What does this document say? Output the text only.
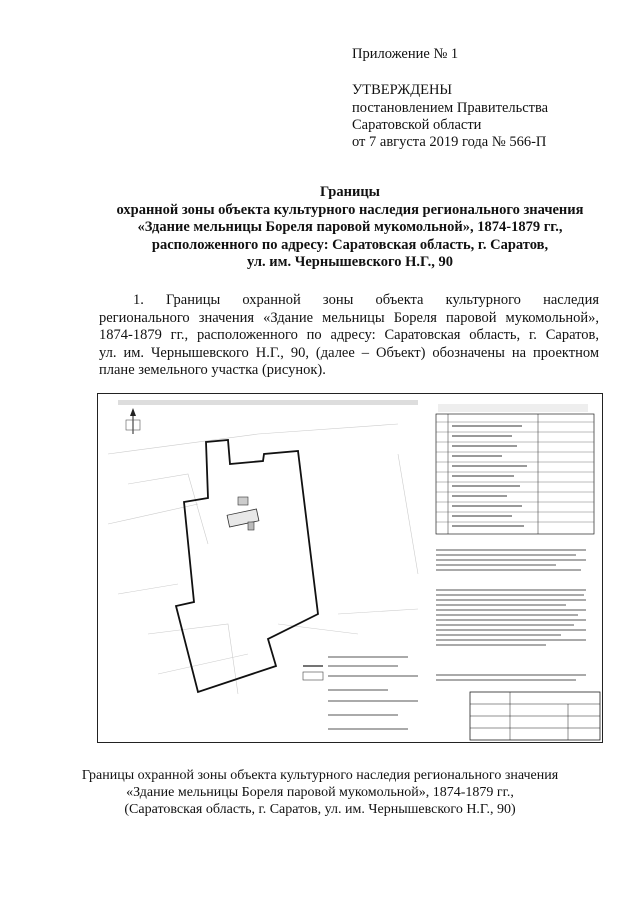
Приложение № 1
УТВЕРЖДЕНЫ
постановлением Правительства
Саратовской области
от 7 августа 2019 года № 566-П
Границы
охранной зоны объекта культурного наследия регионального значения
«Здание мельницы Бореля паровой мукомольной», 1874-1879 гг.,
расположенного по адресу: Саратовская область, г. Саратов,
ул. им. Чернышевского Н.Г., 90
1. Границы охранной зоны объекта культурного наследия
регионального значения «Здание мельницы Бореля паровой мукомольной»,
1874-1879 гг., расположенного по адресу: Саратовская область, г. Саратов,
ул. им. Чернышевского Н.Г., 90, (далее – Объект) обозначены на проектном
плане земельного участка (рисунок).
Границы охранной зоны объекта культурного наследия регионального значения
«Здание мельницы Бореля паровой мукомольной», 1874-1879 гг.,
(Саратовская область, г. Саратов, ул. им. Чернышевского Н.Г., 90)
